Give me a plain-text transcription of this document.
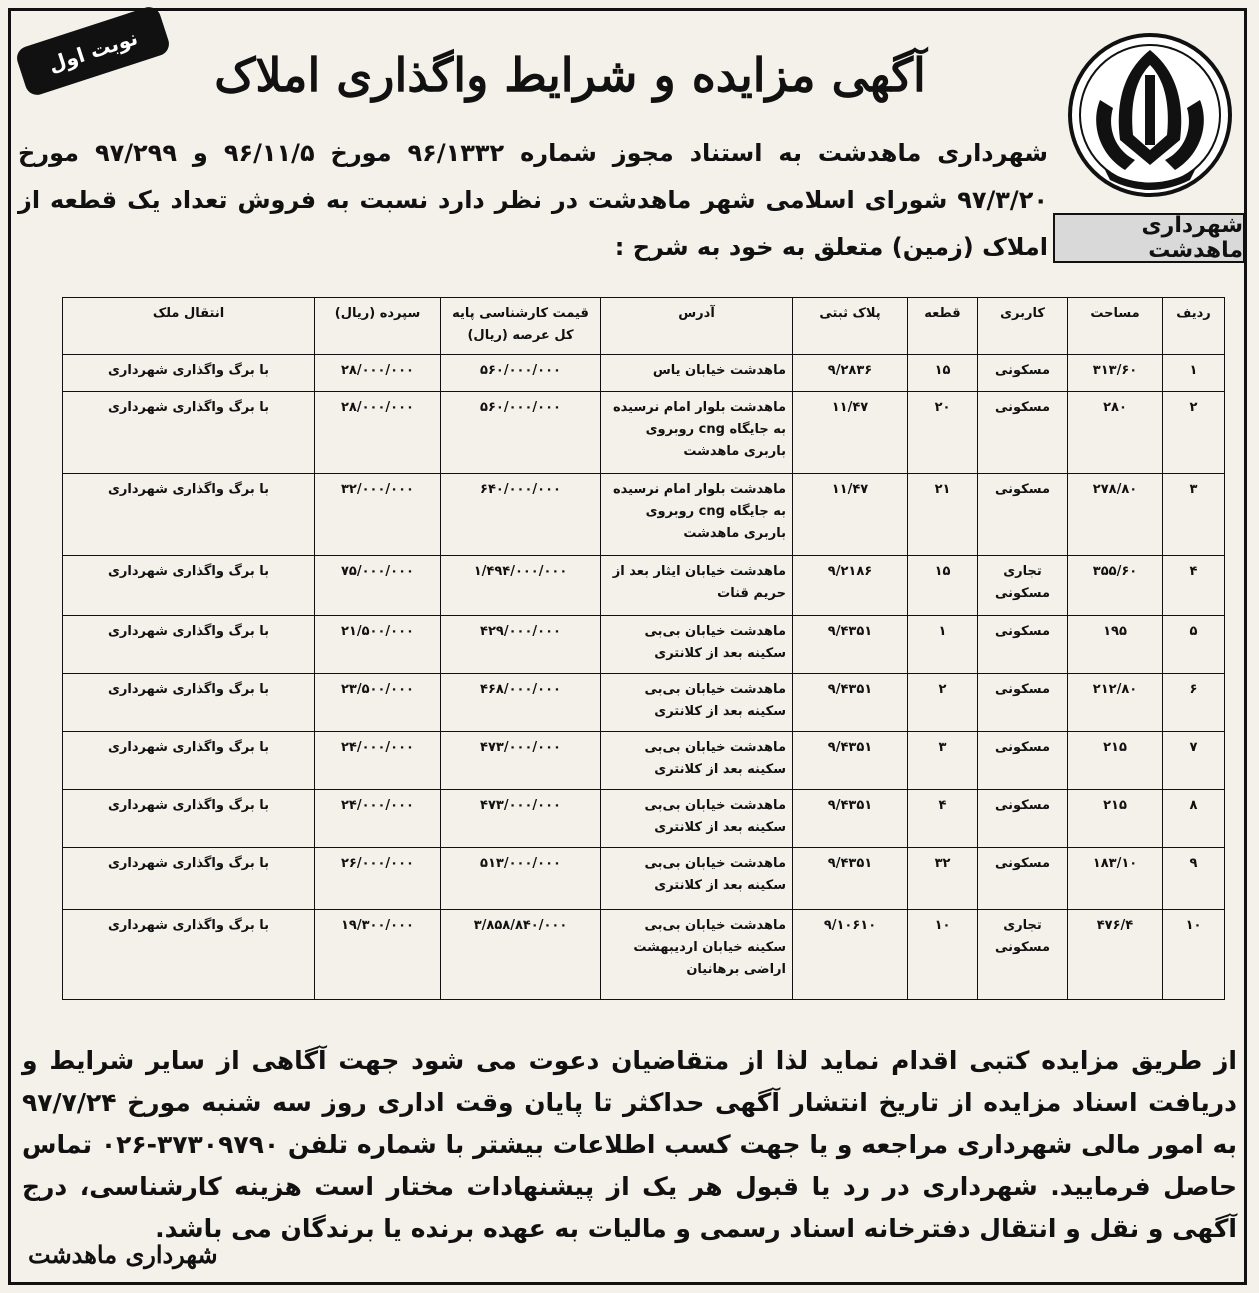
نوبت اول	آگهی مزایده و شرایط واگذاری املاک
شهرداری ماهدشت
شهرداری ماهدشت به استناد مجوز شماره ۹۶/۱۳۳۲ مورخ ۹۶/۱۱/۵ و ۹۷/۲۹۹ مورخ ۹۷/۳/۲۰ شورای اسلامی شهر ماهدشت در نظر دارد نسبت به فروش تعداد یک قطعه از املاک (زمین) متعلق به خود به شرح :
ردیف	مساحت	کاربری	قطعه	پلاک ثبتی	آدرس	قیمت کارشناسی پایه کل عرصه (ریال)	سپرده (ریال)	انتقال ملک
۱	۳۱۳/۶۰	مسکونی	۱۵	۹/۲۸۳۶	ماهدشت خیابان یاس	۵۶۰/۰۰۰/۰۰۰	۲۸/۰۰۰/۰۰۰	با برگ واگذاری شهرداری
۲	۲۸۰	مسکونی	۲۰	۱۱/۴۷	ماهدشت بلوار امام نرسیده به جایگاه cng روبروی باربری ماهدشت	۵۶۰/۰۰۰/۰۰۰	۲۸/۰۰۰/۰۰۰	با برگ واگذاری شهرداری
۳	۲۷۸/۸۰	مسکونی	۲۱	۱۱/۴۷	ماهدشت بلوار امام نرسیده به جایگاه cng روبروی باربری ماهدشت	۶۴۰/۰۰۰/۰۰۰	۳۲/۰۰۰/۰۰۰	با برگ واگذاری شهرداری
۴	۳۵۵/۶۰	تجاری مسکونی	۱۵	۹/۲۱۸۶	ماهدشت خیابان ایثار بعد از حریم قنات	۱/۴۹۴/۰۰۰/۰۰۰	۷۵/۰۰۰/۰۰۰	با برگ واگذاری شهرداری
۵	۱۹۵	مسکونی	۱	۹/۴۳۵۱	ماهدشت خیابان بی‌بی سکینه بعد از کلانتری	۴۲۹/۰۰۰/۰۰۰	۲۱/۵۰۰/۰۰۰	با برگ واگذاری شهرداری
۶	۲۱۲/۸۰	مسکونی	۲	۹/۴۳۵۱	ماهدشت خیابان بی‌بی سکینه بعد از کلانتری	۴۶۸/۰۰۰/۰۰۰	۲۳/۵۰۰/۰۰۰	با برگ واگذاری شهرداری
۷	۲۱۵	مسکونی	۳	۹/۴۳۵۱	ماهدشت خیابان بی‌بی سکینه بعد از کلانتری	۴۷۳/۰۰۰/۰۰۰	۲۴/۰۰۰/۰۰۰	با برگ واگذاری شهرداری
۸	۲۱۵	مسکونی	۴	۹/۴۳۵۱	ماهدشت خیابان بی‌بی سکینه بعد از کلانتری	۴۷۳/۰۰۰/۰۰۰	۲۴/۰۰۰/۰۰۰	با برگ واگذاری شهرداری
۹	۱۸۳/۱۰	مسکونی	۳۲	۹/۴۳۵۱	ماهدشت خیابان بی‌بی سکینه بعد از کلانتری	۵۱۳/۰۰۰/۰۰۰	۲۶/۰۰۰/۰۰۰	با برگ واگذاری شهرداری
۱۰	۴۷۶/۴	تجاری مسکونی	۱۰	۹/۱۰۶۱۰	ماهدشت خیابان بی‌بی سکینه خیابان اردیبهشت اراضی برهانیان	۳/۸۵۸/۸۴۰/۰۰۰	۱۹/۳۰۰/۰۰۰	با برگ واگذاری شهرداری
از طریق مزایده کتبی اقدام نماید لذا از متقاضیان دعوت می شود جهت آگاهی از سایر شرایط و دریافت اسناد مزایده از تاریخ انتشار آگهی حداکثر تا پایان وقت اداری روز سه شنبه مورخ ۹۷/۷/۲۴ به امور مالی شهرداری مراجعه و یا جهت کسب اطلاعات بیشتر با شماره تلفن ۳۷۳۰۹۷۹۰-۰۲۶ تماس حاصل فرمایید. شهرداری در رد یا قبول هر یک از پیشنهادات مختار است هزینه کارشناسی، درج آگهی و نقل و انتقال دفترخانه اسناد رسمی و مالیات به عهده برنده یا برندگان می باشد.
شهرداری ماهدشت
